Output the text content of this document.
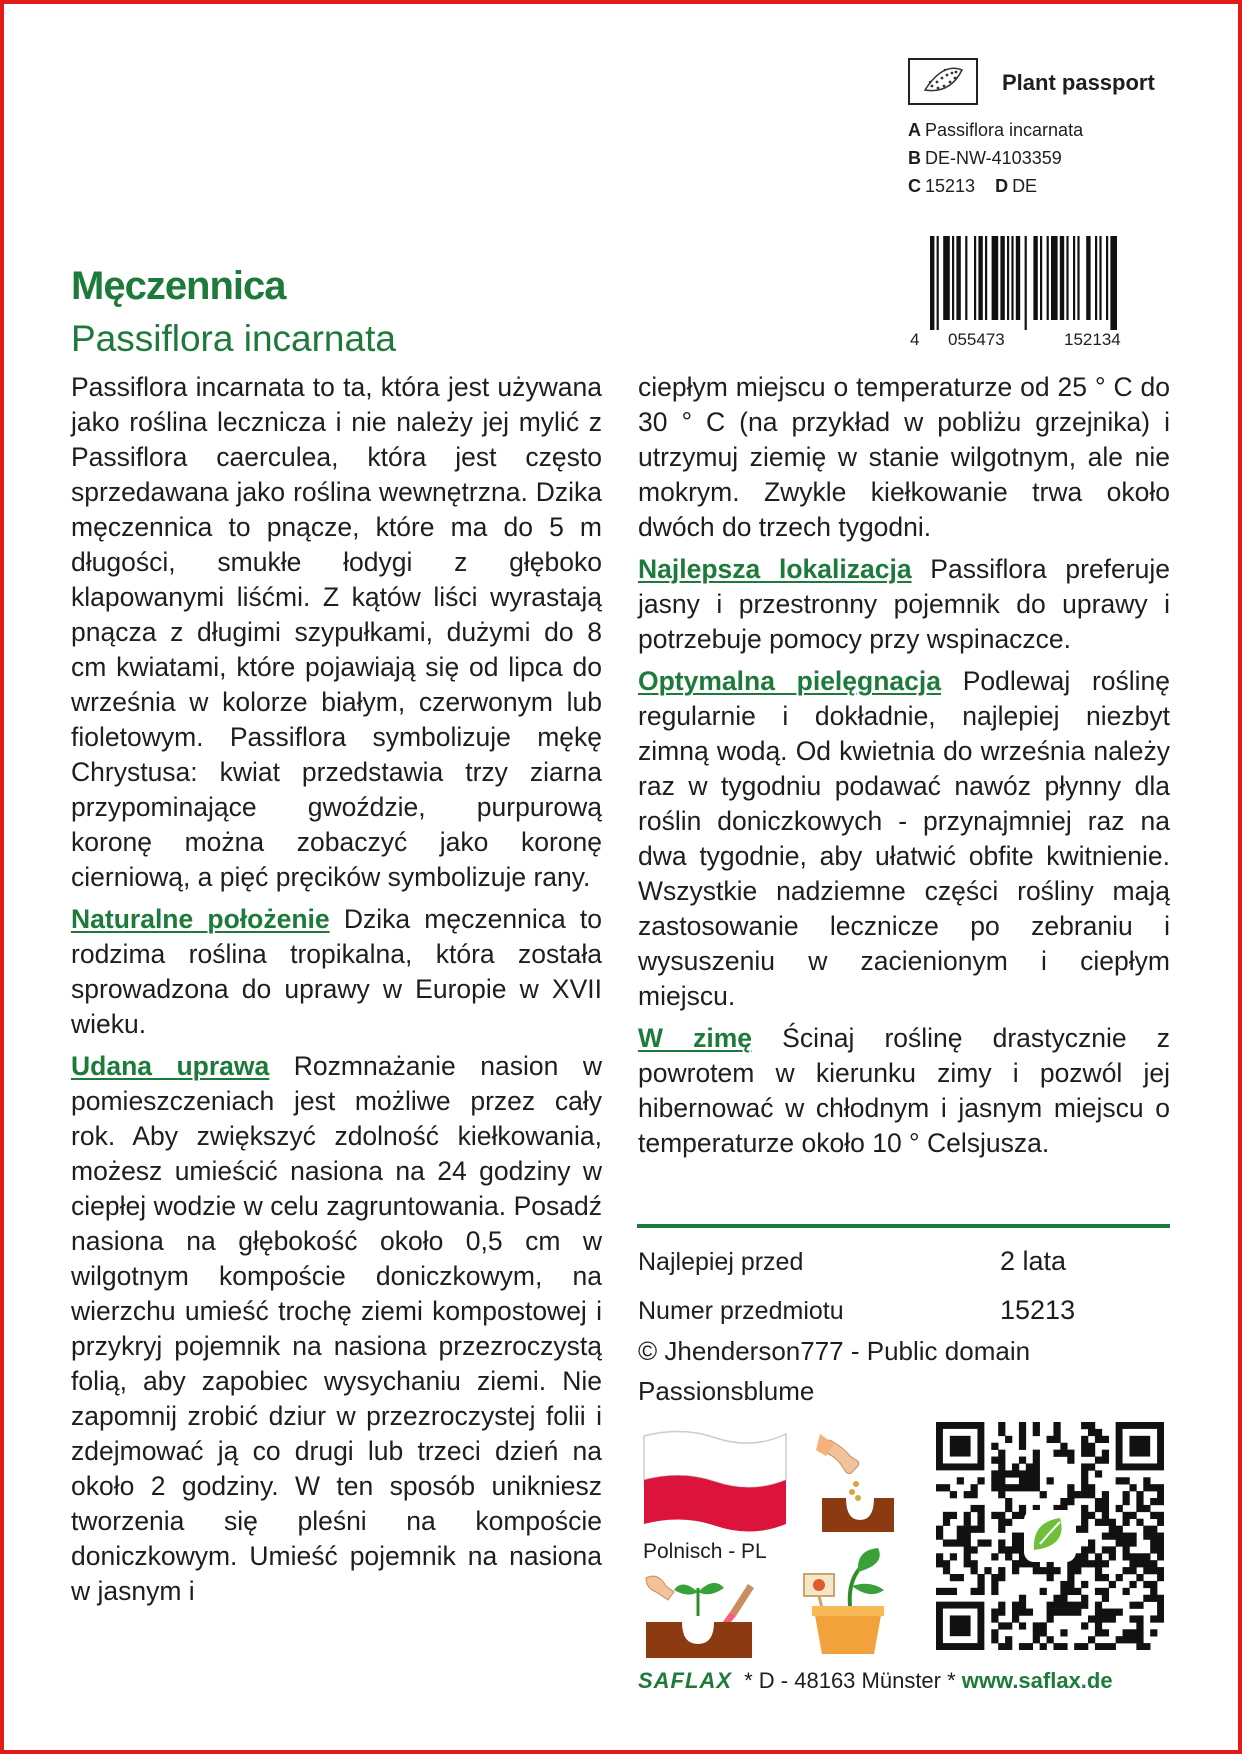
Plant passport
A Passiflora incarnata
B DE-NW-4103359
C 15213 D DE
4 055473	152134
Męczennica
Passiflora incarnata

Passiflora incarnata to ta, która jest używana jako roślina lecznicza i nie należy jej mylić z Passiflora caerculea, która jest często sprzedawana jako roślina wewnętrzna. Dzika męczennica to pnącze, które ma do 5 m długości, smukłe łodygi z głęboko klapowanymi liśćmi. Z kątów liści wyrastają pnącza z długimi szypułkami, dużymi do 8 cm kwiatami, które pojawiają się od lipca do września w kolorze białym, czerwonym lub fioletowym. Passiflora symbolizuje mękę Chrystusa: kwiat przedstawia trzy ziarna przypominające gwoździe, purpurową koronę można zobaczyć jako koronę cierniową, a pięć pręcików symbolizuje rany.

Naturalne położenie Dzika męczennica to rodzima roślina tropikalna, która została sprowadzona do uprawy w Europie w XVII wieku.

Udana uprawa Rozmnażanie nasion w pomieszczeniach jest możliwe przez cały rok. Aby zwiększyć zdolność kiełkowania, możesz umieścić nasiona na 24 godziny w ciepłej wodzie w celu zagruntowania. Posadź nasiona na głębokość około 0,5 cm w wilgotnym kompoście doniczkowym, na wierzchu umieść trochę ziemi kompostowej i przykryj pojemnik na nasiona przezroczystą folią, aby zapobiec wysychaniu ziemi. Nie zapomnij zrobić dziur w przezroczystej folii i zdejmować ją co drugi lub trzeci dzień na około 2 godziny. W ten sposób unikniesz tworzenia się pleśni na kompoście doniczkowym. Umieść pojemnik na nasiona w jasnym i

ciepłym miejscu o temperaturze od 25 ° C do 30 ° C (na przykład w pobliżu grzejnika) i utrzymuj ziemię w stanie wilgotnym, ale nie mokrym. Zwykle kiełkowanie trwa około dwóch do trzech tygodni.

Najlepsza lokalizacja Passiflora preferuje jasny i przestronny pojemnik do uprawy i potrzebuje pomocy przy wspinaczce.

Optymalna pielęgnacja Podlewaj roślinę regularnie i dokładnie, najlepiej niezbyt zimną wodą. Od kwietnia do września należy raz w tygodniu podawać nawóz płynny dla roślin doniczkowych - przynajmniej raz na dwa tygodnie, aby ułatwić obfite kwitnienie. Wszystkie nadziemne części rośliny mają zastosowanie lecznicze po zebraniu i wysuszeniu w zacienionym i ciepłym miejscu.

W zimę Ścinaj roślinę drastycznie z powrotem w kierunku zimy i pozwól jej hibernować w chłodnym i jasnym miejscu o temperaturze około 10 ° Celsjusza.

Najlepiej przed	2 lata
Numer przedmiotu	15213
© Jhenderson777 - Public domain
Passionsblume
Polnisch - PL
SAFLAX * D - 48163 Münster * www.saflax.de
